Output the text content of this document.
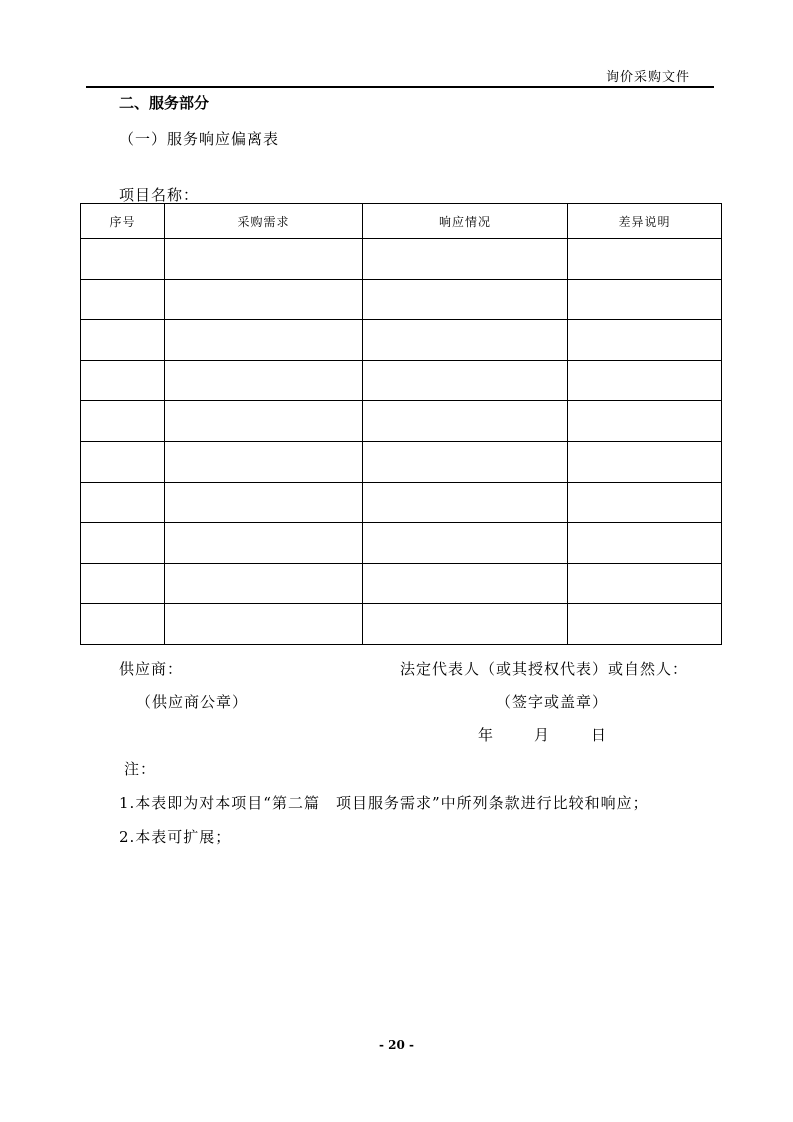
询价采购文件
二、服务部分
（一）服务响应偏离表
项目名称：
序号	采购需求	响应情况	差异说明

供应商：	法定代表人（或其授权代表）或自然人：
（供应商公章）	（签字或盖章）
年	月	日
注：
1.本表即为对本项目“第二篇　项目服务需求”中所列条款进行比较和响应；
2.本表可扩展；
- 20 -
